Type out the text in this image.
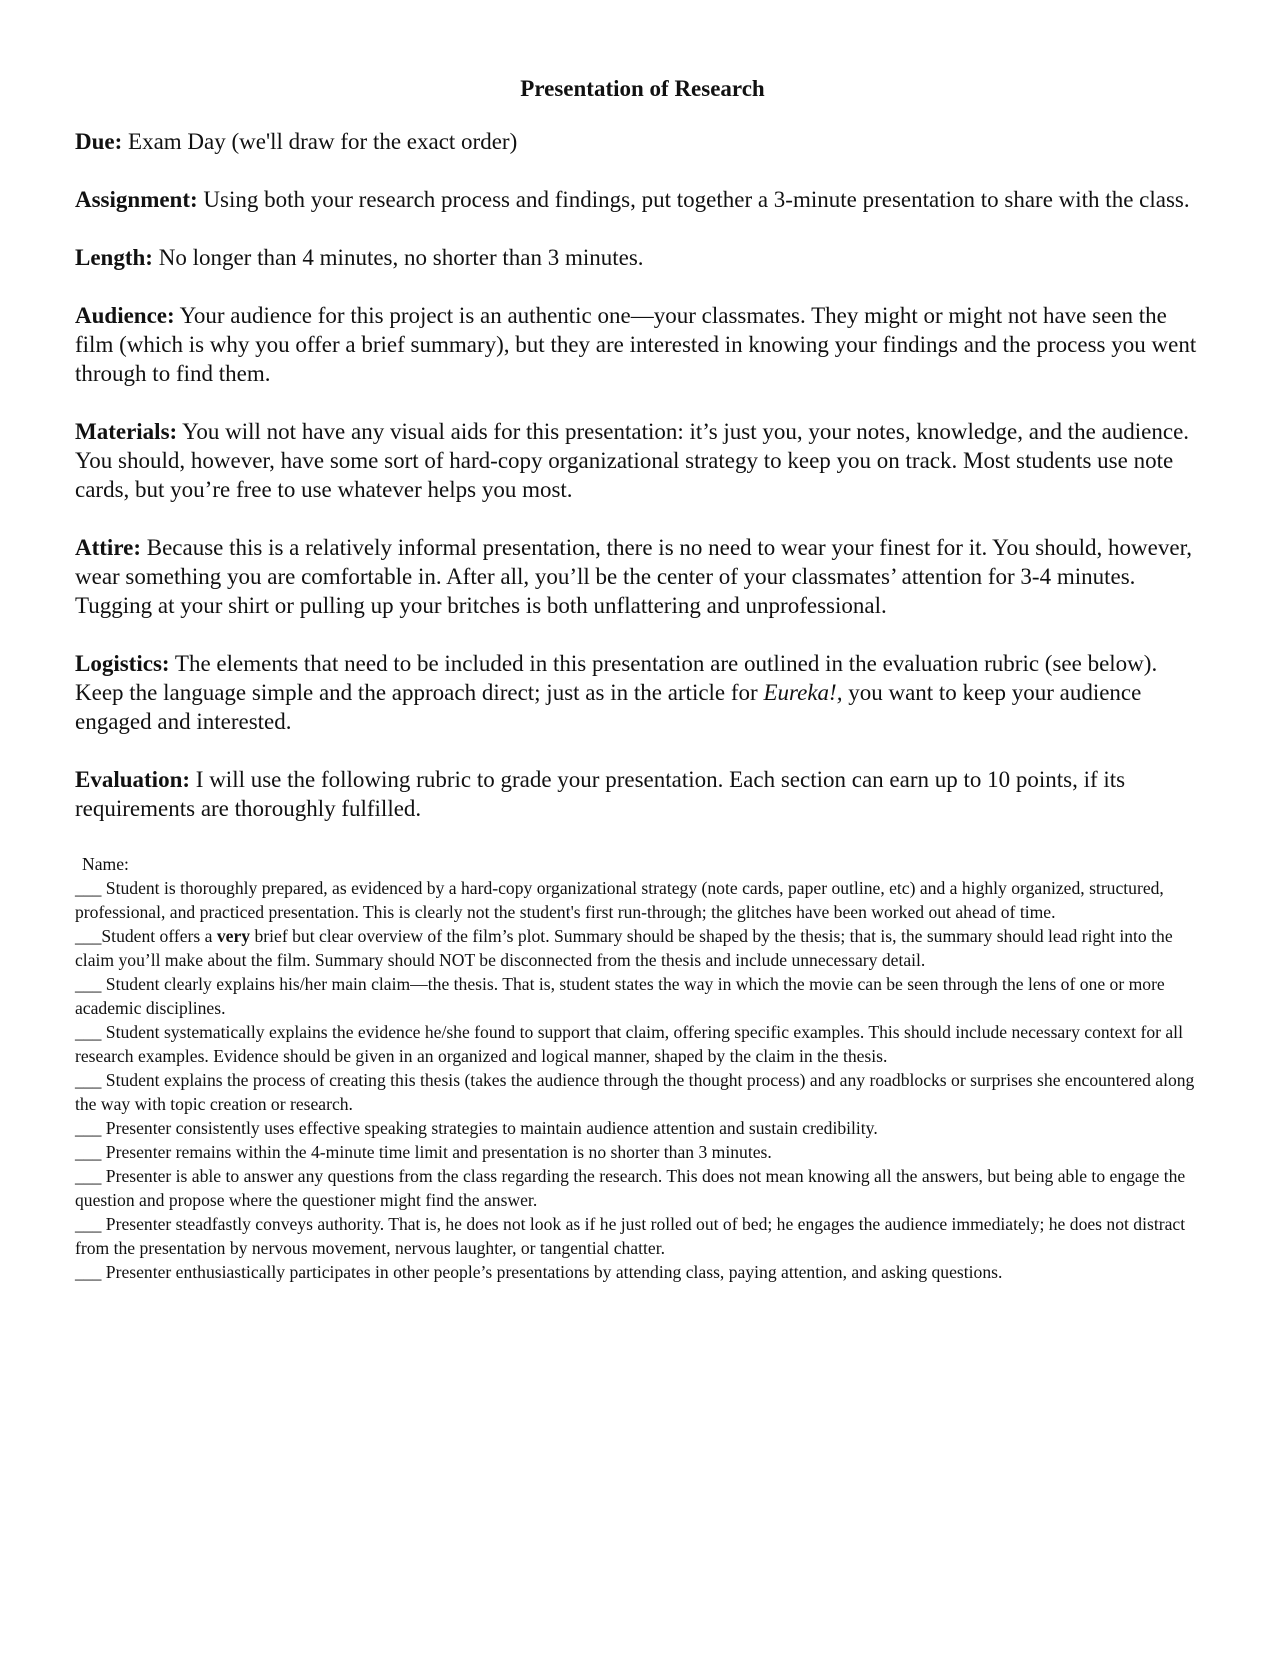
Presentation of Research
Due: Exam Day (we'll draw for the exact order)
Assignment: Using both your research process and findings, put together a 3-minute presentation to share with the class.
Length: No longer than 4 minutes, no shorter than 3 minutes.
Audience: Your audience for this project is an authentic one—your classmates. They might or might not have seen the film (which is why you offer a brief summary), but they are interested in knowing your findings and the process you went through to find them.
Materials: You will not have any visual aids for this presentation: it’s just you, your notes, knowledge, and the audience. You should, however, have some sort of hard-copy organizational strategy to keep you on track. Most students use note cards, but you’re free to use whatever helps you most.
Attire: Because this is a relatively informal presentation, there is no need to wear your finest for it. You should, however, wear something you are comfortable in. After all, you’ll be the center of your classmates’ attention for 3-4 minutes. Tugging at your shirt or pulling up your britches is both unflattering and unprofessional.
Logistics: The elements that need to be included in this presentation are outlined in the evaluation rubric (see below). Keep the language simple and the approach direct; just as in the article for Eureka!, you want to keep your audience engaged and interested.
Evaluation: I will use the following rubric to grade your presentation. Each section can earn up to 10 points, if its requirements are thoroughly fulfilled.
Name:
___ Student is thoroughly prepared, as evidenced by a hard-copy organizational strategy (note cards, paper outline, etc) and a highly organized, structured, professional, and practiced presentation. This is clearly not the student's first run-through; the glitches have been worked out ahead of time.
___Student offers a very brief but clear overview of the film’s plot. Summary should be shaped by the thesis; that is, the summary should lead right into the claim you’ll make about the film. Summary should NOT be disconnected from the thesis and include unnecessary detail.
___ Student clearly explains his/her main claim—the thesis. That is, student states the way in which the movie can be seen through the lens of one or more academic disciplines.
___ Student systematically explains the evidence he/she found to support that claim, offering specific examples. This should include necessary context for all research examples. Evidence should be given in an organized and logical manner, shaped by the claim in the thesis.
___ Student explains the process of creating this thesis (takes the audience through the thought process) and any roadblocks or surprises she encountered along the way with topic creation or research.
___ Presenter consistently uses effective speaking strategies to maintain audience attention and sustain credibility.
___ Presenter remains within the 4-minute time limit and presentation is no shorter than 3 minutes.
___ Presenter is able to answer any questions from the class regarding the research. This does not mean knowing all the answers, but being able to engage the question and propose where the questioner might find the answer.
___ Presenter steadfastly conveys authority. That is, he does not look as if he just rolled out of bed; he engages the audience immediately; he does not distract from the presentation by nervous movement, nervous laughter, or tangential chatter.
___ Presenter enthusiastically participates in other people’s presentations by attending class, paying attention, and asking questions.
